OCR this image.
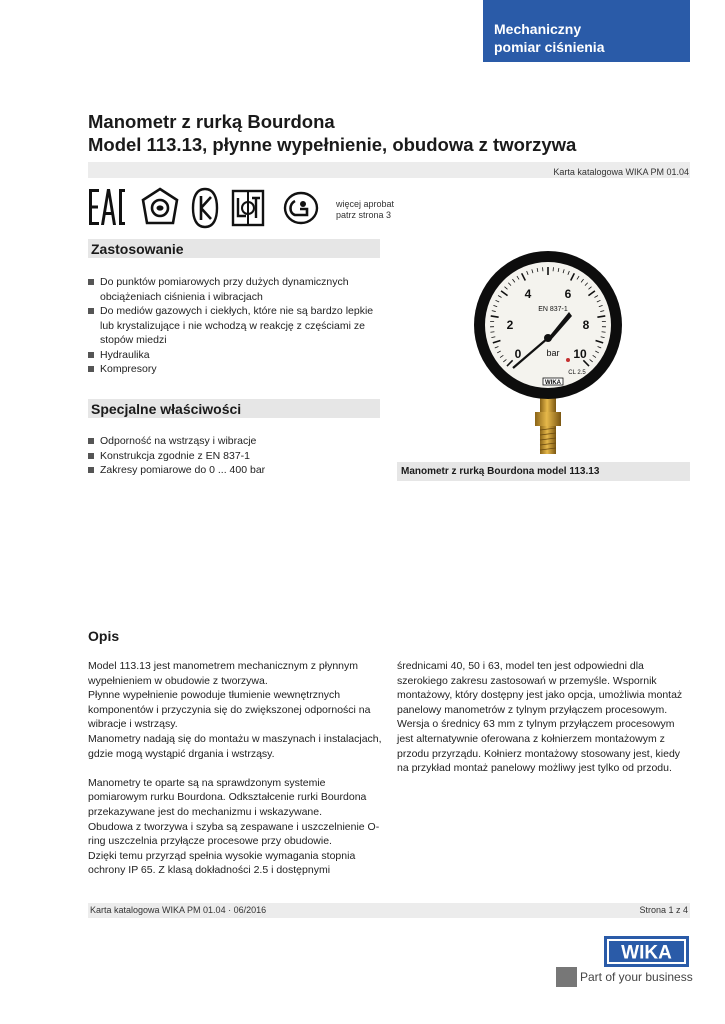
Mechaniczny
pomiar ciśnienia
Manometr z rurką Bourdona
Model 113.13, płynne wypełnienie, obudowa z tworzywa
Karta katalogowa WIKA PM 01.04
więcej aprobat
patrz strona 3
Zastosowanie
Do punktów pomiarowych przy dużych dynamicznych obciążeniach ciśnienia i wibracjach
Do mediów gazowych i ciekłych, które nie są bardzo lepkie lub krystalizujące i nie wchodzą w reakcję z częściami ze stopów miedzi
Hydraulika
Kompresory
Specjalne właściwości
Odporność na wstrząsy i wibracje
Konstrukcja zgodnie z EN 837-1
Zakresy pomiarowe do 0 ... 400 bar
0
2
4	6
8
10
EN 837-1
bar
CL 2.5
WIKA
Manometr z rurką Bourdona model 113.13
Opis

Model 113.13 jest manometrem mechanicznym z płynnym wypełnieniem w obudowie z tworzywa.
Płynne wypełnienie powoduje tłumienie wewnętrznych komponentów i przyczynia się do zwiększonej odporności na wibracje i wstrząsy.
Manometry nadają się do montażu w maszynach i instalacjach, gdzie mogą wystąpić drgania i wstrząsy.

Manometry te oparte są na sprawdzonym systemie pomiarowym rurku Bourdona. Odkształcenie rurki Bourdona przekazywane jest do mechanizmu i wskazywane.
Obudowa z tworzywa i szyba są zespawane i uszczelnienie O-ring uszczelnia przyłącze procesowe przy obudowie.
Dzięki temu przyrząd spełnia wysokie wymagania stopnia ochrony IP 65. Z klasą dokładności 2.5 i dostępnymi

średnicami 40, 50 i 63, model ten jest odpowiedni dla szerokiego zakresu zastosowań w przemyśle. Wspornik montażowy, który dostępny jest jako opcja, umożliwia montaż panelowy manometrów z tylnym przyłączem procesowym.
Wersja o średnicy 63 mm z tylnym przyłączem procesowym jest alternatywnie oferowana z kołnierzem montażowym z przodu przyrządu. Kołnierz montażowy stosowany jest, kiedy na przykład montaż panelowy możliwy jest tylko od przodu.

Karta katalogowa WIKA PM 01.04 · 06/2016	Strona 1 z 4
WIKA
Part of your business
